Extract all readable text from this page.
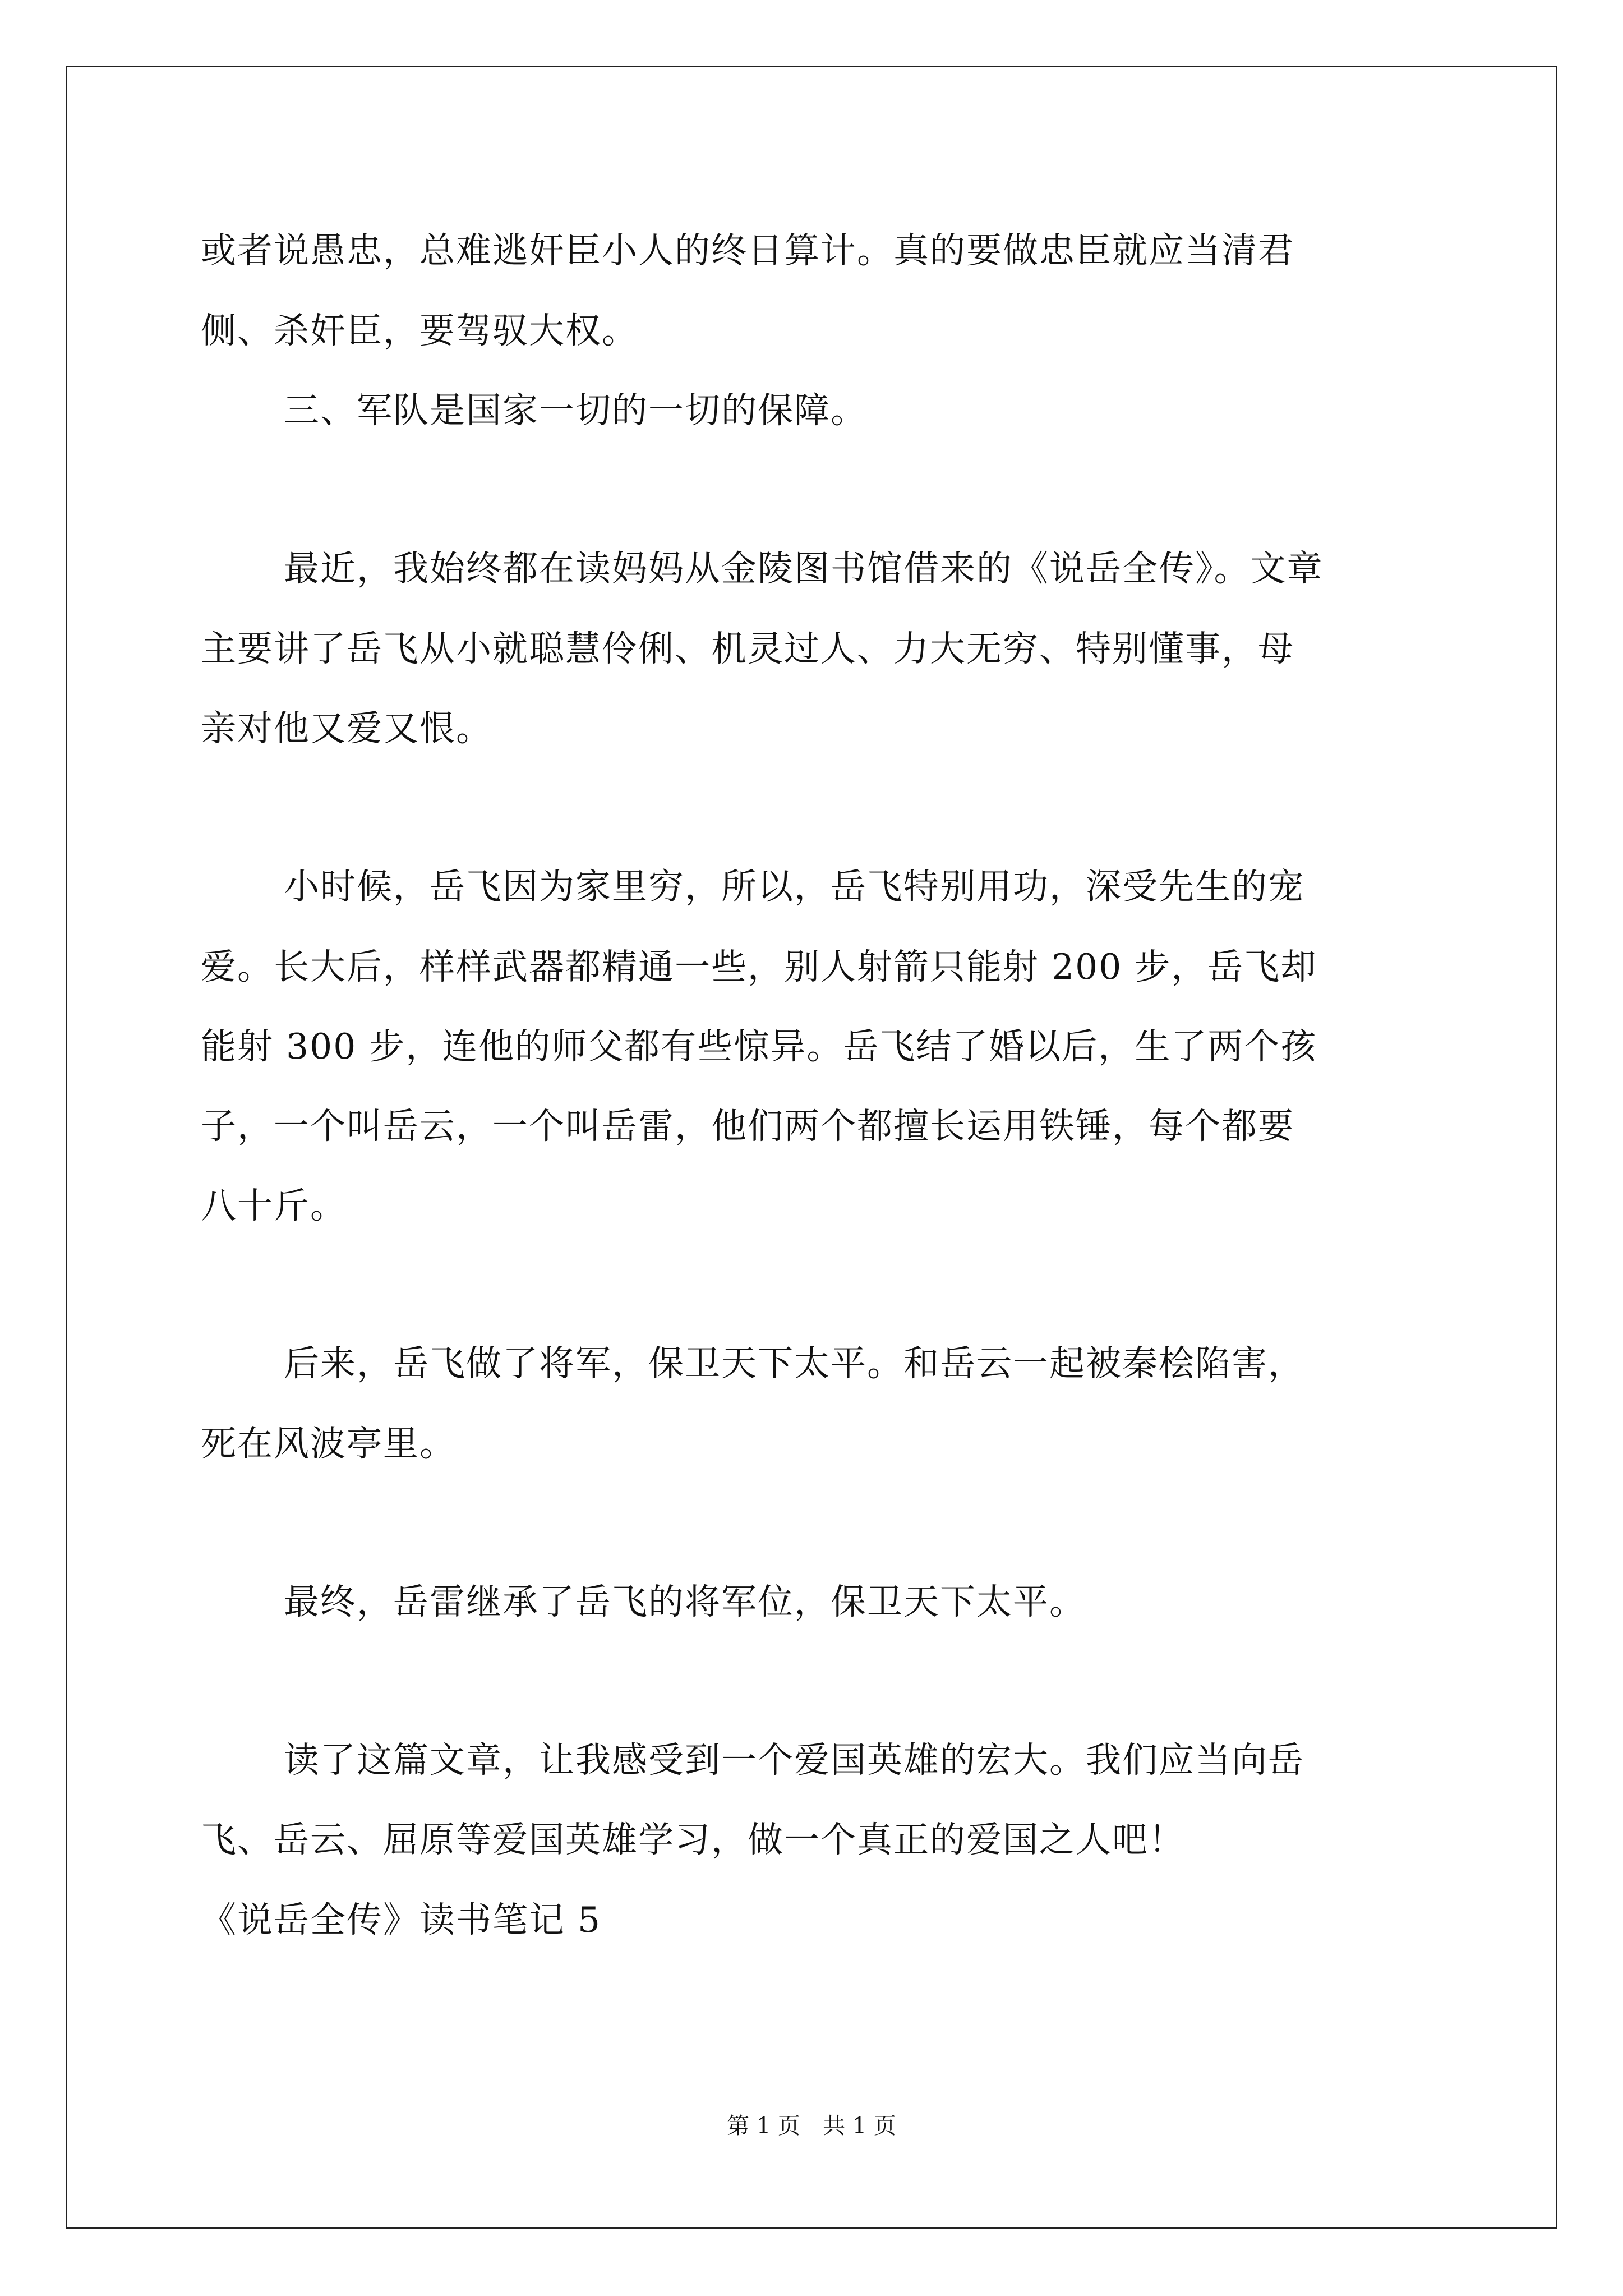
或者说愚忠，总难逃奸臣小人的终日算计。真的要做忠臣就应当清君
侧、杀奸臣，要驾驭大权。
三、军队是国家一切的一切的保障。
最近，我始终都在读妈妈从金陵图书馆借来的《说岳全传》。文章
主要讲了岳飞从小就聪慧伶俐、机灵过人、力大无穷、特别懂事，母
亲对他又爱又恨。
小时候，岳飞因为家里穷，所以，岳飞特别用功，深受先生的宠
爱。长大后，样样武器都精通一些，别人射箭只能射 200 步，岳飞却
能射 300 步，连他的师父都有些惊异。岳飞结了婚以后，生了两个孩
子，一个叫岳云，一个叫岳雷，他们两个都擅长运用铁锤，每个都要
八十斤。
后来，岳飞做了将军，保卫天下太平。和岳云一起被秦桧陷害，
死在风波亭里。
最终，岳雷继承了岳飞的将军位，保卫天下太平。
读了这篇文章，让我感受到一个爱国英雄的宏大。我们应当向岳
飞、岳云、屈原等爱国英雄学习，做一个真正的爱国之人吧！
《说岳全传》读书笔记 5
第 1 页　共 1 页
